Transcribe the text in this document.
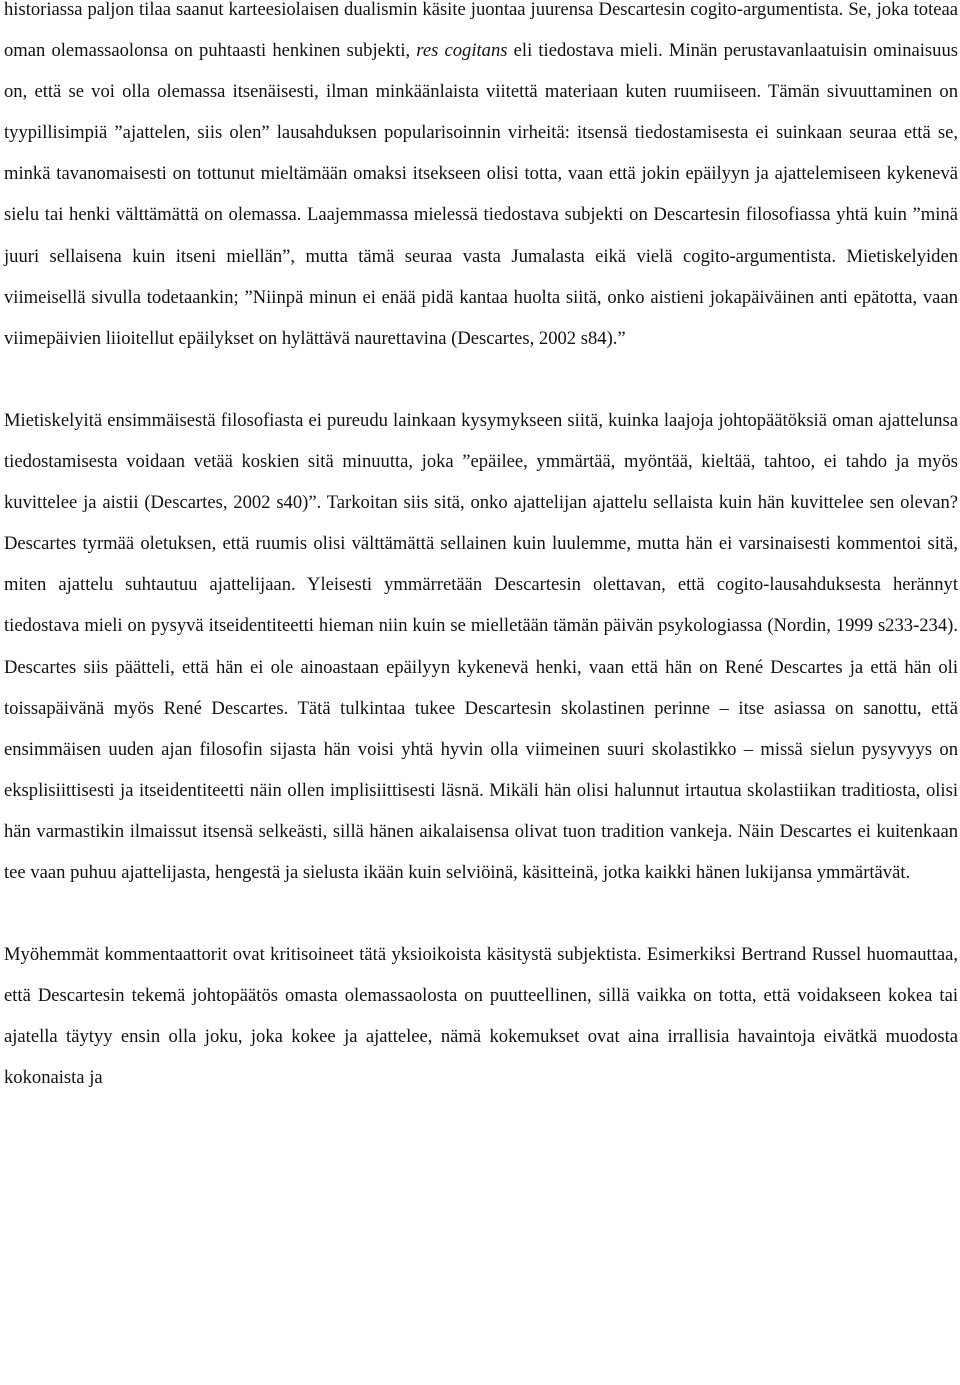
historiassa paljon tilaa saanut karteesiolaisen dualismin käsite juontaa juurensa Descartesin cogito-argumentista. Se, joka toteaa oman olemassaolonsa on puhtaasti henkinen subjekti, res cogitans eli tiedostava mieli. Minän perustavanlaatuisin ominaisuus on, että se voi olla olemassa itsenäisesti, ilman minkäänlaista viitettä materiaan kuten ruumiiseen. Tämän sivuuttaminen on tyypillisimpiä ”ajattelen, siis olen” lausahduksen popularisoinnin virheitä: itsensä tiedostamisesta ei suinkaan seuraa että se, minkä tavanomaisesti on tottunut mieltämään omaksi itsekseen olisi totta, vaan että jokin epäilyyn ja ajattelemiseen kykenevä sielu tai henki välttämättä on olemassa. Laajemmassa mielessä tiedostava subjekti on Descartesin filosofiassa yhtä kuin ”minä juuri sellaisena kuin itseni miellän”, mutta tämä seuraa vasta Jumalasta eikä vielä cogito-argumentista. Mietiskelyiden viimeisellä sivulla todetaankin; ”Niinpä minun ei enää pidä kantaa huolta siitä, onko aistieni jokapäiväinen anti epätotta, vaan viimepäivien liioitellut epäilykset on hylättävä naurettavina (Descartes, 2002 s84).”

Mietiskelyitä ensimmäisestä filosofiasta ei pureudu lainkaan kysymykseen siitä, kuinka laajoja johtopäätöksiä oman ajattelunsa tiedostamisesta voidaan vetää koskien sitä minuutta, joka ”epäilee, ymmärtää, myöntää, kieltää, tahtoo, ei tahdo ja myös kuvittelee ja aistii (Descartes, 2002 s40)”. Tarkoitan siis sitä, onko ajattelijan ajattelu sellaista kuin hän kuvittelee sen olevan? Descartes tyrmää oletuksen, että ruumis olisi välttämättä sellainen kuin luulemme, mutta hän ei varsinaisesti kommentoi sitä, miten ajattelu suhtautuu ajattelijaan. Yleisesti ymmärretään Descartesin olettavan, että cogito-lausahduksesta herännyt tiedostava mieli on pysyvä itseidentiteetti hieman niin kuin se mielletään tämän päivän psykologiassa (Nordin, 1999 s233-234). Descartes siis päätteli, että hän ei ole ainoastaan epäilyyn kykenevä henki, vaan että hän on René Descartes ja että hän oli toissapäivänä myös René Descartes. Tätä tulkintaa tukee Descartesin skolastinen perinne – itse asiassa on sanottu, että ensimmäisen uuden ajan filosofin sijasta hän voisi yhtä hyvin olla viimeinen suuri skolastikko – missä sielun pysyvyys on eksplisiittisesti ja itseidentiteetti näin ollen implisiittisesti läsnä. Mikäli hän olisi halunnut irtautua skolastiikan traditiosta, olisi hän varmastikin ilmaissut itsensä selkeästi, sillä hänen aikalaisensa olivat tuon tradition vankeja. Näin Descartes ei kuitenkaan tee vaan puhuu ajattelijasta, hengestä ja sielusta ikään kuin selviöinä, käsitteinä, jotka kaikki hänen lukijansa ymmärtävät.

Myöhemmät kommentaattorit ovat kritisoineet tätä yksioikoista käsitystä subjektista. Esimerkiksi Bertrand Russel huomauttaa, että Descartesin tekemä johtopäätös omasta olemassaolosta on puutteellinen, sillä vaikka on totta, että voidakseen kokea tai ajatella täytyy ensin olla joku, joka kokee ja ajattelee, nämä kokemukset ovat aina irrallisia havaintoja eivätkä muodosta kokonaista ja
